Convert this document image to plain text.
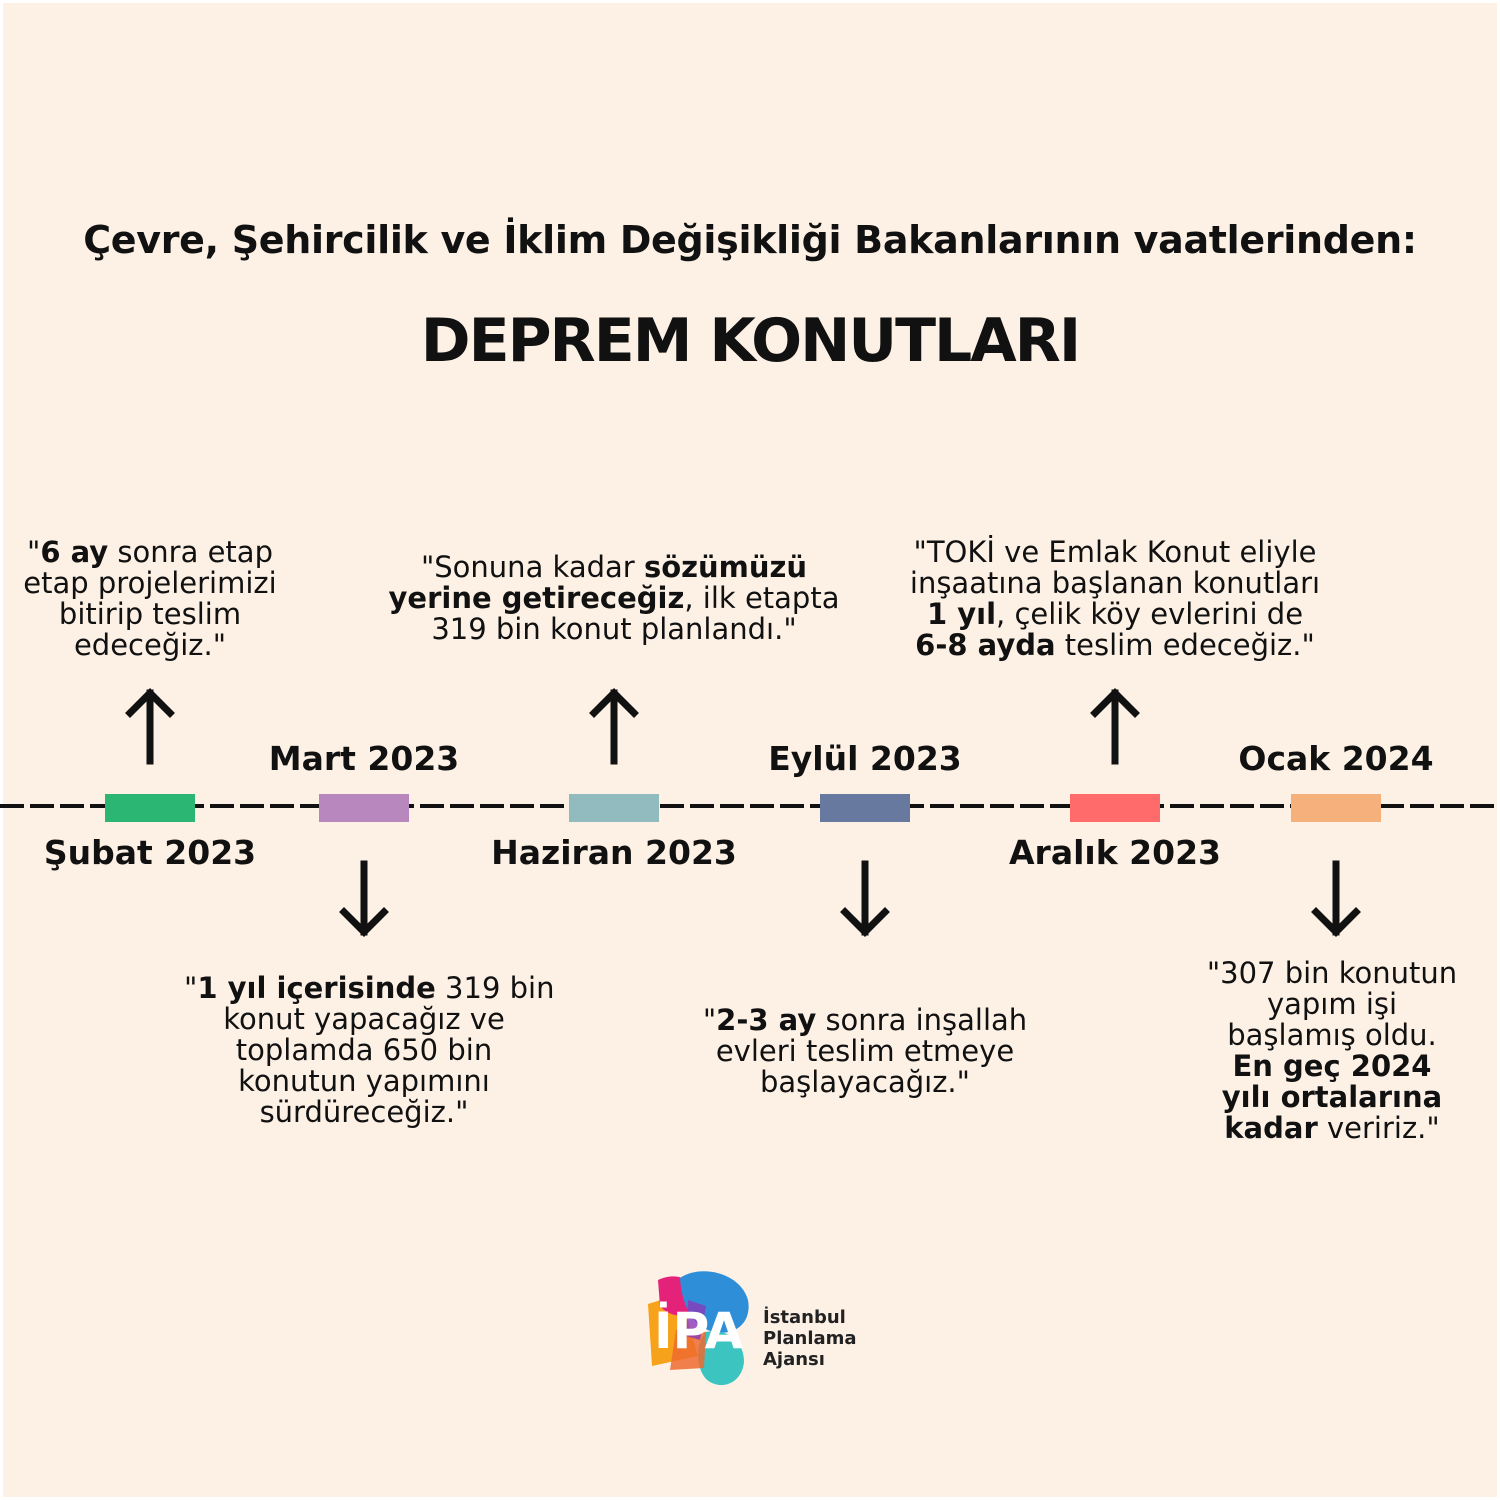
Çevre, Şehircilik ve İklim Değişikliği Bakanlarının vaatlerinden:
DEPREM KONUTLARI
Şubat 2023
Mart 2023
Haziran 2023
Eylül 2023
Aralık 2023
Ocak 2024
"6 ay sonra etap
etap projelerimizi
bitirip teslim
edeceğiz."
"1 yıl içerisinde 319 bin
konut yapacağız ve
toplamda 650 bin
konutun yapımını
sürdüreceğiz."
"Sonuna kadar sözümüzü
yerine getireceğiz, ilk etapta
319 bin konut planlandı."
"2-3 ay sonra inşallah
evleri teslim etmeye
başlayacağız."
"TOKİ ve Emlak Konut eliyle
inşaatına başlanan konutları
1 yıl, çelik köy evlerini de
6-8 ayda teslim edeceğiz."
"307 bin konutun
yapım işi
başlamış oldu.
En geç 2024
yılı ortalarına
kadar veririz."
İPA İstanbul
Planlama
Ajansı
